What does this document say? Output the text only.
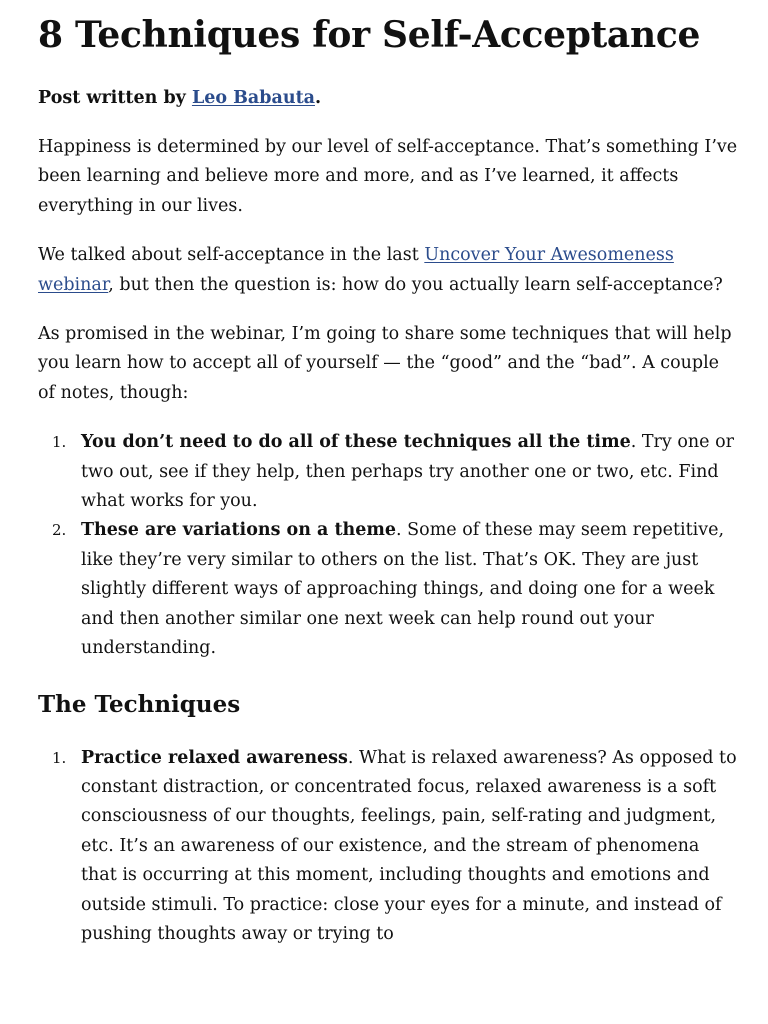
8 Techniques for Self-Acceptance
Post written by Leo Babauta.

Happiness is determined by our level of self-acceptance. That’s something I’ve been learning and believe more and more, and as I’ve learned, it affects everything in our lives.

We talked about self-acceptance in the last Uncover Your Awesomeness webinar, but then the question is: how do you actually learn self-acceptance?

As promised in the webinar, I’m going to share some techniques that will help you learn how to accept all of yourself — the “good” and the “bad”. A couple of notes, though:

1. You don’t need to do all of these techniques all the time. Try one or two out, see if they help, then perhaps try another one or two, etc. Find what works for you.
2. These are variations on a theme. Some of these may seem repetitive, like they’re very similar to others on the list. That’s OK. They are just slightly different ways of approaching things, and doing one for a week and then another similar one next week can help round out your understanding.
The Techniques
1. Practice relaxed awareness. What is relaxed awareness? As opposed to constant distraction, or concentrated focus, relaxed awareness is a soft consciousness of our thoughts, feelings, pain, self-rating and judgment, etc. It’s an awareness of our existence, and the stream of phenomena that is occurring at this moment, including thoughts and emotions and outside stimuli. To practice: close your eyes for a minute, and instead of pushing thoughts away or trying to
